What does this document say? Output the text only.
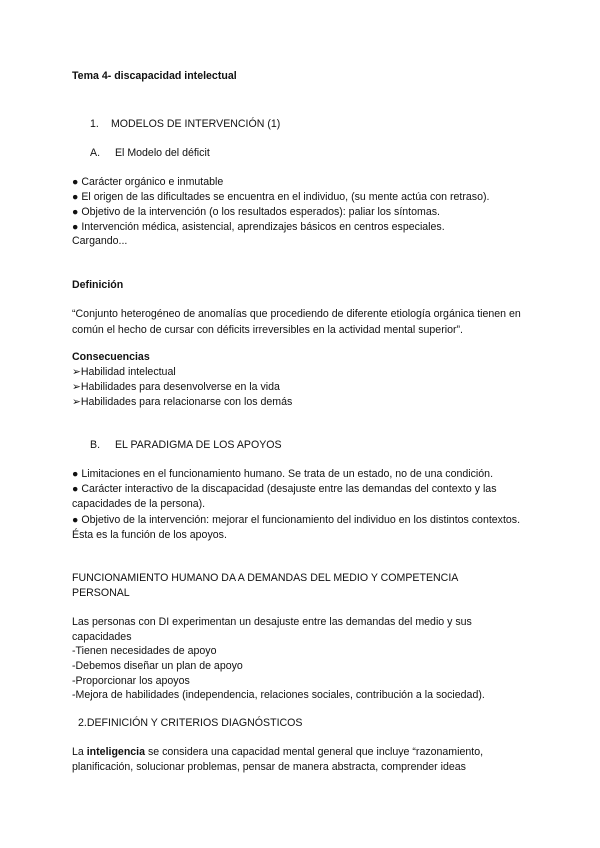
Tema 4- discapacidad intelectual
1. MODELOS DE INTERVENCIÓN (1)
A. El Modelo del déficit
● Carácter orgánico e inmutable
● El origen de las dificultades se encuentra en el individuo, (su mente actúa con retraso).
● Objetivo de la intervención (o los resultados esperados): paliar los síntomas.
● Intervención médica, asistencial, aprendizajes básicos en centros especiales.
Cargando...
Definición
“Conjunto heterogéneo de anomalías que procediendo de diferente etiología orgánica tienen en común el hecho de cursar con déficits irreversibles en la actividad mental superior”.
Consecuencias
➢Habilidad intelectual
➢Habilidades para desenvolverse en la vida
➢Habilidades para relacionarse con los demás
B. EL PARADIGMA DE LOS APOYOS
● Limitaciones en el funcionamiento humano. Se trata de un estado, no de una condición.
● Carácter interactivo de la discapacidad (desajuste entre las demandas del contexto y las capacidades de la persona).
● Objetivo de la intervención: mejorar el funcionamiento del individuo en los distintos contextos. Ésta es la función de los apoyos.
FUNCIONAMIENTO HUMANO DA A DEMANDAS DEL MEDIO Y COMPETENCIA PERSONAL
Las personas con DI experimentan un desajuste entre las demandas del medio y sus capacidades
-Tienen necesidades de apoyo
-Debemos diseñar un plan de apoyo
-Proporcionar los apoyos
-Mejora de habilidades (independencia, relaciones sociales, contribución a la sociedad).
2.DEFINICIÓN Y CRITERIOS DIAGNÓSTICOS
La inteligencia se considera una capacidad mental general que incluye “razonamiento, planificación, solucionar problemas, pensar de manera abstracta, comprender ideas
